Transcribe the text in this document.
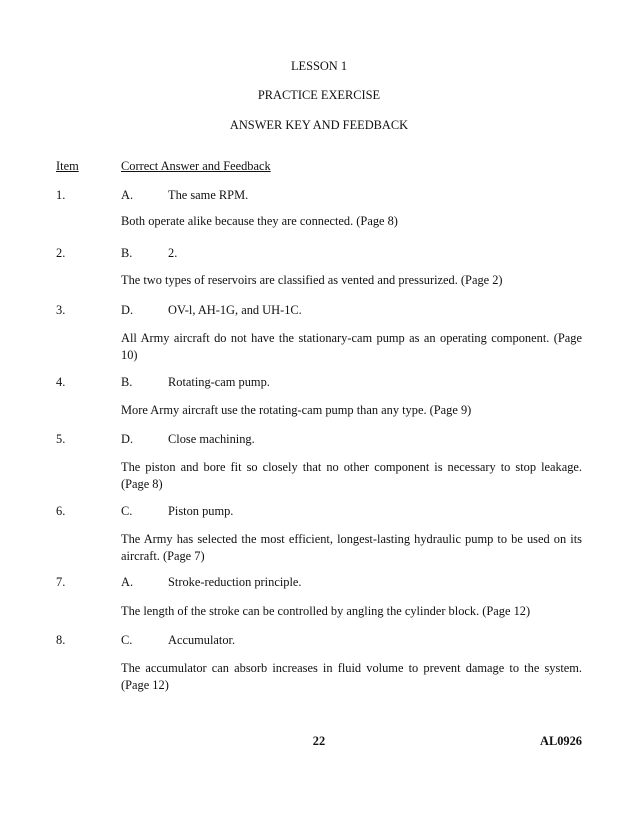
LESSON 1
PRACTICE EXERCISE
ANSWER KEY AND FEEDBACK
Item	Correct Answer and Feedback
1.	A.	The same RPM.
Both operate alike because they are connected. (Page 8)
2.	B.	2.
The two types of reservoirs are classified as vented and pressurized. (Page 2)
3.	D.	OV-l, AH-1G, and UH-1C.
All Army aircraft do not have the stationary-cam pump as an operating component. (Page 10)
4.	B.	Rotating-cam pump.
More Army aircraft use the rotating-cam pump than any type. (Page 9)
5.	D.	Close machining.
The piston and bore fit so closely that no other component is necessary to stop leakage. (Page 8)
6.	C.	Piston pump.
The Army has selected the most efficient, longest-lasting hydraulic pump to be used on its aircraft. (Page 7)
7.	A.	Stroke-reduction principle.
The length of the stroke can be controlled by angling the cylinder block. (Page 12)
8.	C.	Accumulator.
The accumulator can absorb increases in fluid volume to prevent damage to the system. (Page 12)
22	AL0926
